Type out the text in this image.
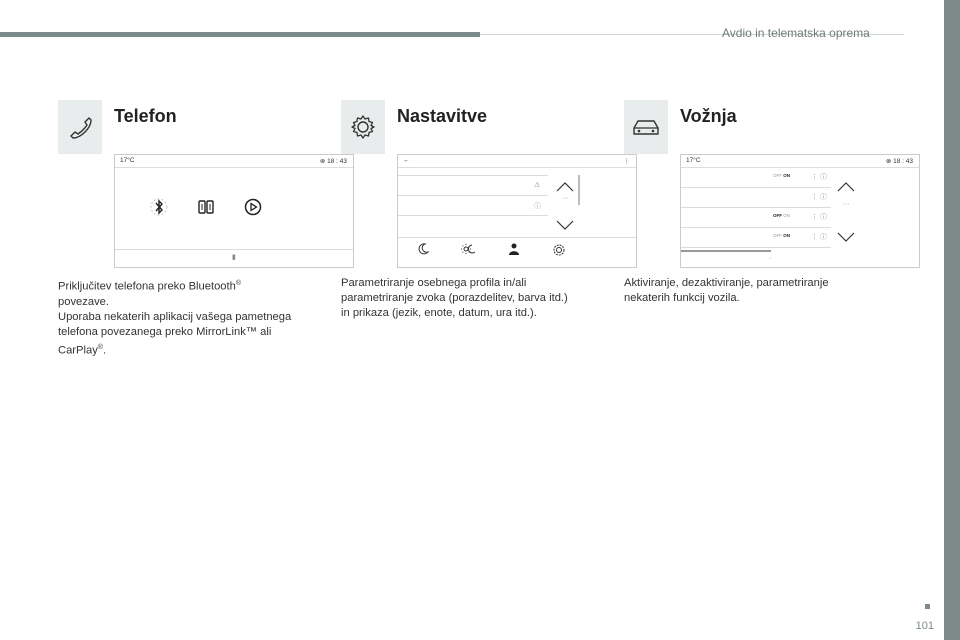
Avdio in telematska oprema
101
Telefon
17°C	⊗ 18 : 43
▮
Priključitev telefona preko Bluetooth®
povezave.
Uporaba nekaterih aplikacij vašega pametnega
telefona povezanega preko MirrorLink™ ali
CarPlay®.
Nastavitve
←	⋮
⚠
ⓘ
···
Parametriranje osebnega profila in/ali
parametriranje zvoka (porazdelitev, barva itd.)
in prikaza (jezik, enote, datum, ura itd.).
Vožnja
17°C	⊗ 18 : 43
OFF ON	⋮ ⓘ
⋮ ⓘ
OFF ON	⋮ ⓘ
OFF ON	⋮ ⓘ
···
·
Aktiviranje, dezaktiviranje, parametriranje
nekaterih funkcij vozila.
